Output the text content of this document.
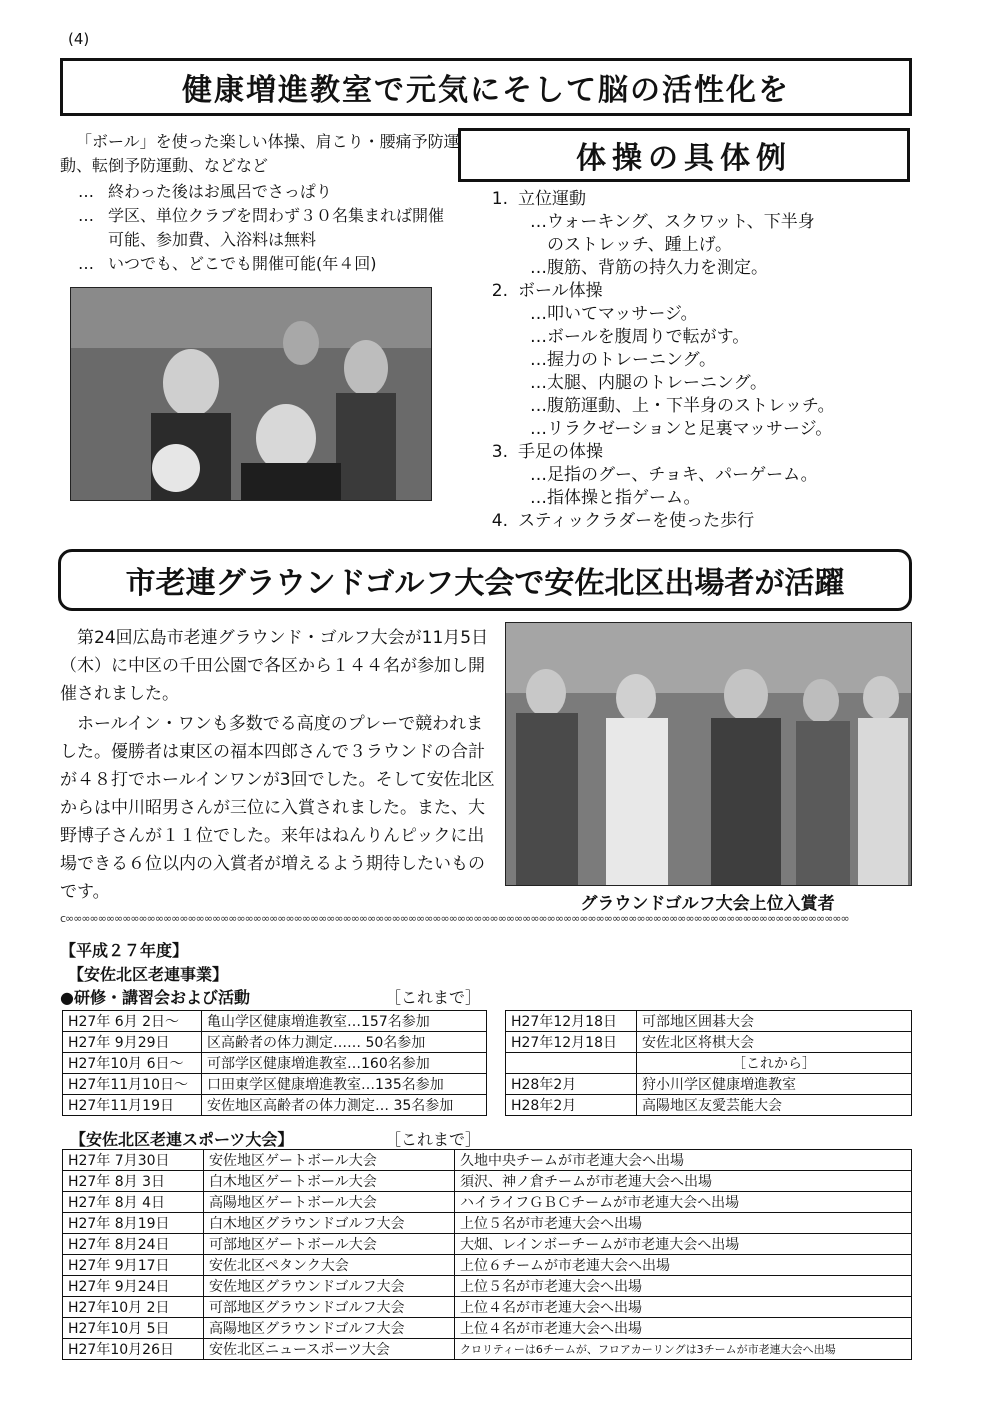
(4)
健康増進教室で元気にそして脳の活性化を

「ボール」を使った楽しい体操、肩こり・腰痛予防運動、転倒予防運動、などなど

… 終わった後はお風呂でさっぱり
… 学区、単位クラブを問わず３０名集まれば開催可能、参加費、入浴料は無料
… いつでも、どこでも開催可能(年４回)
体操の具体例
1. 立位運動
…ウォーキング、スクワット、下半身
　のストレッチ、踵上げ。
…腹筋、背筋の持久力を測定。
2. ボール体操
…叩いてマッサージ。
…ボールを腹周りで転がす。
…握力のトレーニング。
…太腿、内腿のトレーニング。
…腹筋運動、上・下半身のストレッチ。
…リラクゼーションと足裏マッサージ。
3. 手足の体操
…足指のグー、チョキ、パーゲーム。
…指体操と指ゲーム。
4. スティックラダーを使った歩行
市老連グラウンドゴルフ大会で安佐北区出場者が活躍

第24回広島市老連グラウンド・ゴルフ大会が11月5日（木）に中区の千田公園で各区から１４４名が参加し開催されました。

ホールイン・ワンも多数でる高度のプレーで競われました。優勝者は東区の福本四郎さんで３ラウンドの合計が４８打でホールインワンが3回でした。そして安佐北区からは中川昭男さんが三位に入賞されました。また、大野博子さんが１１位でした。来年はねんりんピックに出場できる６位以内の入賞者が増えるよう期待したいものです。

グラウンドゴルフ大会上位入賞者
c∞∞∞∞∞∞∞∞∞∞∞∞∞∞∞∞∞∞∞∞∞∞∞∞∞∞∞∞∞∞∞∞∞∞∞∞∞∞∞∞∞∞∞∞∞∞∞∞∞∞∞∞∞∞∞∞∞∞∞∞∞∞∞∞∞∞∞∞∞∞∞∞∞∞∞∞∞∞∞∞∞∞∞∞∞∞∞∞∞∞∞∞∞∞∞∞
【平成２７年度】
【安佐北区老連事業】
●研修・講習会および活動	［これまで］
H27年 6月 2日～	亀山学区健康増進教室…157名参加
H27年 9月29日	区高齢者の体力測定…… 50名参加
H27年10月 6日～	可部学区健康増進教室…160名参加
H27年11月10日～	口田東学区健康増進教室…135名参加
H27年11月19日	安佐地区高齢者の体力測定… 35名参加
H27年12月18日	可部地区囲碁大会
H27年12月18日	安佐北区将棋大会
	［これから］
H28年2月	狩小川学区健康増進教室
H28年2月	高陽地区友愛芸能大会
【安佐北区老連スポーツ大会】	［これまで］
H27年 7月30日	安佐地区ゲートボール大会	久地中央チームが市老連大会へ出場
H27年 8月 3日	白木地区ゲートボール大会	須沢、神ノ倉チームが市老連大会へ出場
H27年 8月 4日	高陽地区ゲートボール大会	ハイライフＧＢＣチームが市老連大会へ出場
H27年 8月19日	白木地区グラウンドゴルフ大会	上位５名が市老連大会へ出場
H27年 8月24日	可部地区ゲートボール大会	大畑、レインボーチームが市老連大会へ出場
H27年 9月17日	安佐北区ペタンク大会	上位６チームが市老連大会へ出場
H27年 9月24日	安佐地区グラウンドゴルフ大会	上位５名が市老連大会へ出場
H27年10月 2日	可部地区グラウンドゴルフ大会	上位４名が市老連大会へ出場
H27年10月 5日	高陽地区グラウンドゴルフ大会	上位４名が市老連大会へ出場
H27年10月26日	安佐北区ニュースポーツ大会	クロリティーは6チームが、フロアカーリングは3チームが市老連大会へ出場
